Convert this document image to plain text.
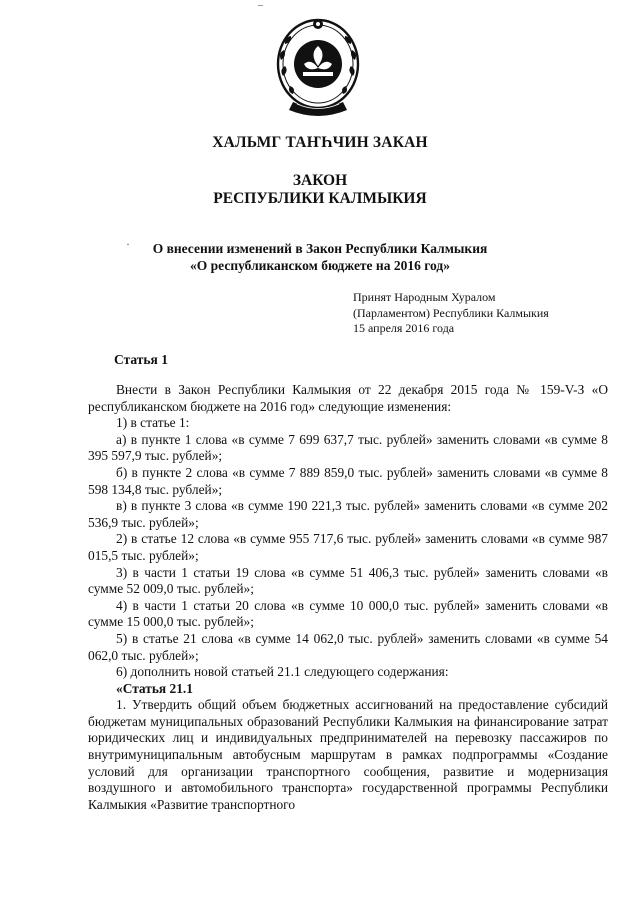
–
ХАЛЬМГ ТАҤҺЧИН ЗАКАН
ЗАКОН
РЕСПУБЛИКИ КАЛМЫКИЯ
·	О внесении изменений в Закон Республики Калмыкия
«О республиканском бюджете на 2016 год»
Принят Народным Хуралом
(Парламентом) Республики Калмыкия
15 апреля 2016 года
Статья 1

Внести в Закон Республики Калмыкия от 22 декабря 2015 года № 159-V-З «О республиканском бюджете на 2016 год» следующие изменения:

1) в статье 1:

а) в пункте 1 слова «в сумме 7 699 637,7 тыс. рублей» заменить словами «в сумме 8 395 597,9 тыс. рублей»;

б) в пункте 2 слова «в сумме 7 889 859,0 тыс. рублей» заменить словами «в сумме 8 598 134,8 тыс. рублей»;

в) в пункте 3 слова «в сумме 190 221,3 тыс. рублей» заменить словами «в сумме 202 536,9 тыс. рублей»;

2) в статье 12 слова «в сумме 955 717,6 тыс. рублей» заменить словами «в сумме 987 015,5 тыс. рублей»;

3) в части 1 статьи 19 слова «в сумме 51 406,3 тыс. рублей» заменить словами «в сумме 52 009,0 тыс. рублей»;

4) в части 1 статьи 20 слова «в сумме 10 000,0 тыс. рублей» заменить словами «в сумме 15 000,0 тыс. рублей»;

5) в статье 21 слова «в сумме 14 062,0 тыс. рублей» заменить словами «в сумме 54 062,0 тыс. рублей»;

6) дополнить новой статьей 21.1 следующего содержания:

«Статья 21.1

1. Утвердить общий объем бюджетных ассигнований на предоставление субсидий бюджетам муниципальных образований Республики Калмыкия на финансирование затрат юридических лиц и индивидуальных предпринимателей на перевозку пассажиров по внутримуниципальным автобусным маршрутам в рамках подпрограммы «Создание условий для организации транспортного сообщения, развитие и модернизация воздушного и автомобильного транспорта» государственной программы Республики Калмыкия «Развитие транспортного
